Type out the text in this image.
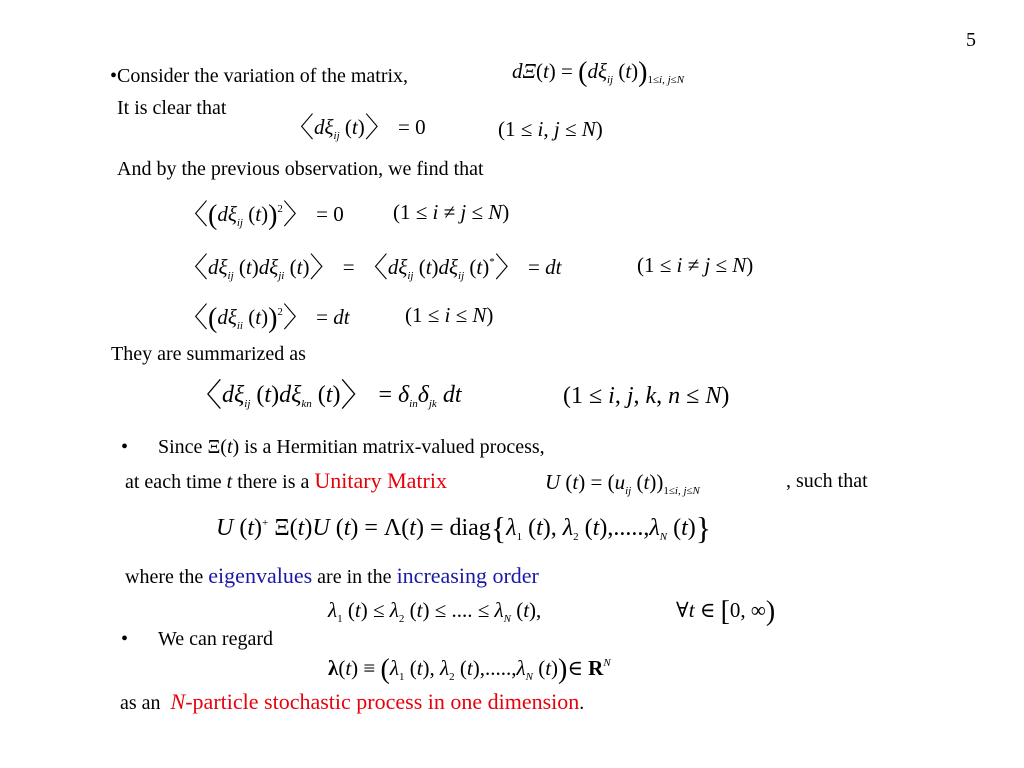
5
•Consider the variation of the matrix,	$d\Xi(t) = (d\xi_{ij}$ $(t))_{1\le i, j\le N}$
It is clear that
〈$d\xi_{ij}$ (t)〉 = 0	(1 ≤ i, j ≤ N)
And by the previous observation, we find that
〈($d\xi_{ij}$ (t))$^2$〉 = 0 (1 ≤ i ≠ j ≤ N)
〈$d\xi_{ij}$ $(t)d\xi_{ji}$ (t)〉 = 〈$d\xi_{ij}$ $(t)d\xi_{ij}$ (t)*〉 = dt	(1 ≤ i ≠ j ≤ N)
〈($d\xi_{ii}$ (t))$^2$〉 = dt	(1 ≤ i ≤ N)
They are summarized as
〈$d\xi_{ij}$ $(t)d\xi_{kn}$ (t)〉 = $\delta_{in}\delta_{jk}$ dt	(1 ≤ i, j, k, n ≤ N)
• Since Ξ(t) is a Hermitian matrix-valued process,
at each time t there is a Unitary Matrix	U $(t) = (u_{ij}$ $(t))_{1\le i, j\le N}$	, such that
U (t)+ Ξ(t)U $(t) = \Lambda(t) = diag\{\lambda_1$ (t), $\lambda_2$ $(t),.....,\lambda_N$ (t)}
where the eigenvalues are in the increasing order
$\lambda_1$ $(t) \le \lambda_2$ (t) ≤ .... ≤ $\lambda_N$ (t),	∀t ∈ [0, ∞)
• We can regard
$\lambda(t) \equiv (\lambda_1$ (t), $\lambda_2$ $(t),.....,\lambda_N$ (t))∈ $R^N$
as an N-particle stochastic process in one dimension.
